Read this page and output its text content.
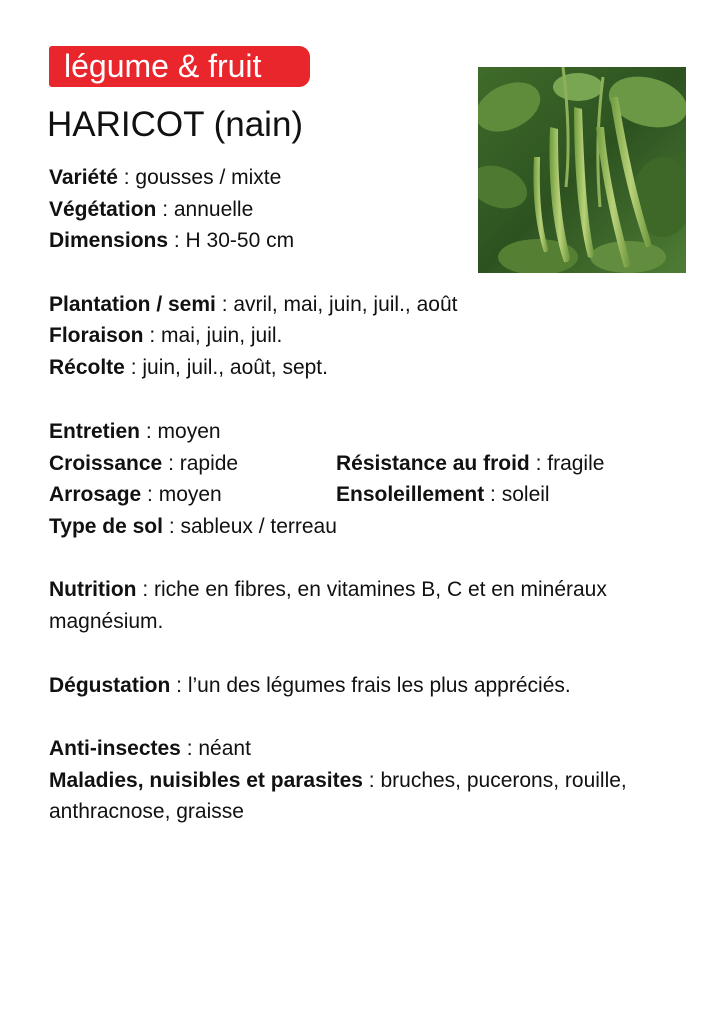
légume & fruit
HARICOT (nain)
Variété : gousses / mixte
Végétation : annuelle
Dimensions : H 30-50 cm
Plantation / semi : avril, mai, juin, juil., août
Floraison : mai, juin, juil.
Récolte : juin, juil., août, sept.
Entretien : moyen
Croissance : rapide	Résistance au froid : fragile
Arrosage : moyen	Ensoleillement : soleil
Type de sol : sableux / terreau
Nutrition : riche en fibres, en vitamines B, C et en minéraux
magnésium.
Dégustation : l’un des légumes frais les plus appréciés.
Anti-insectes : néant
Maladies, nuisibles et parasites : bruches, pucerons, rouille,
anthracnose, graisse
